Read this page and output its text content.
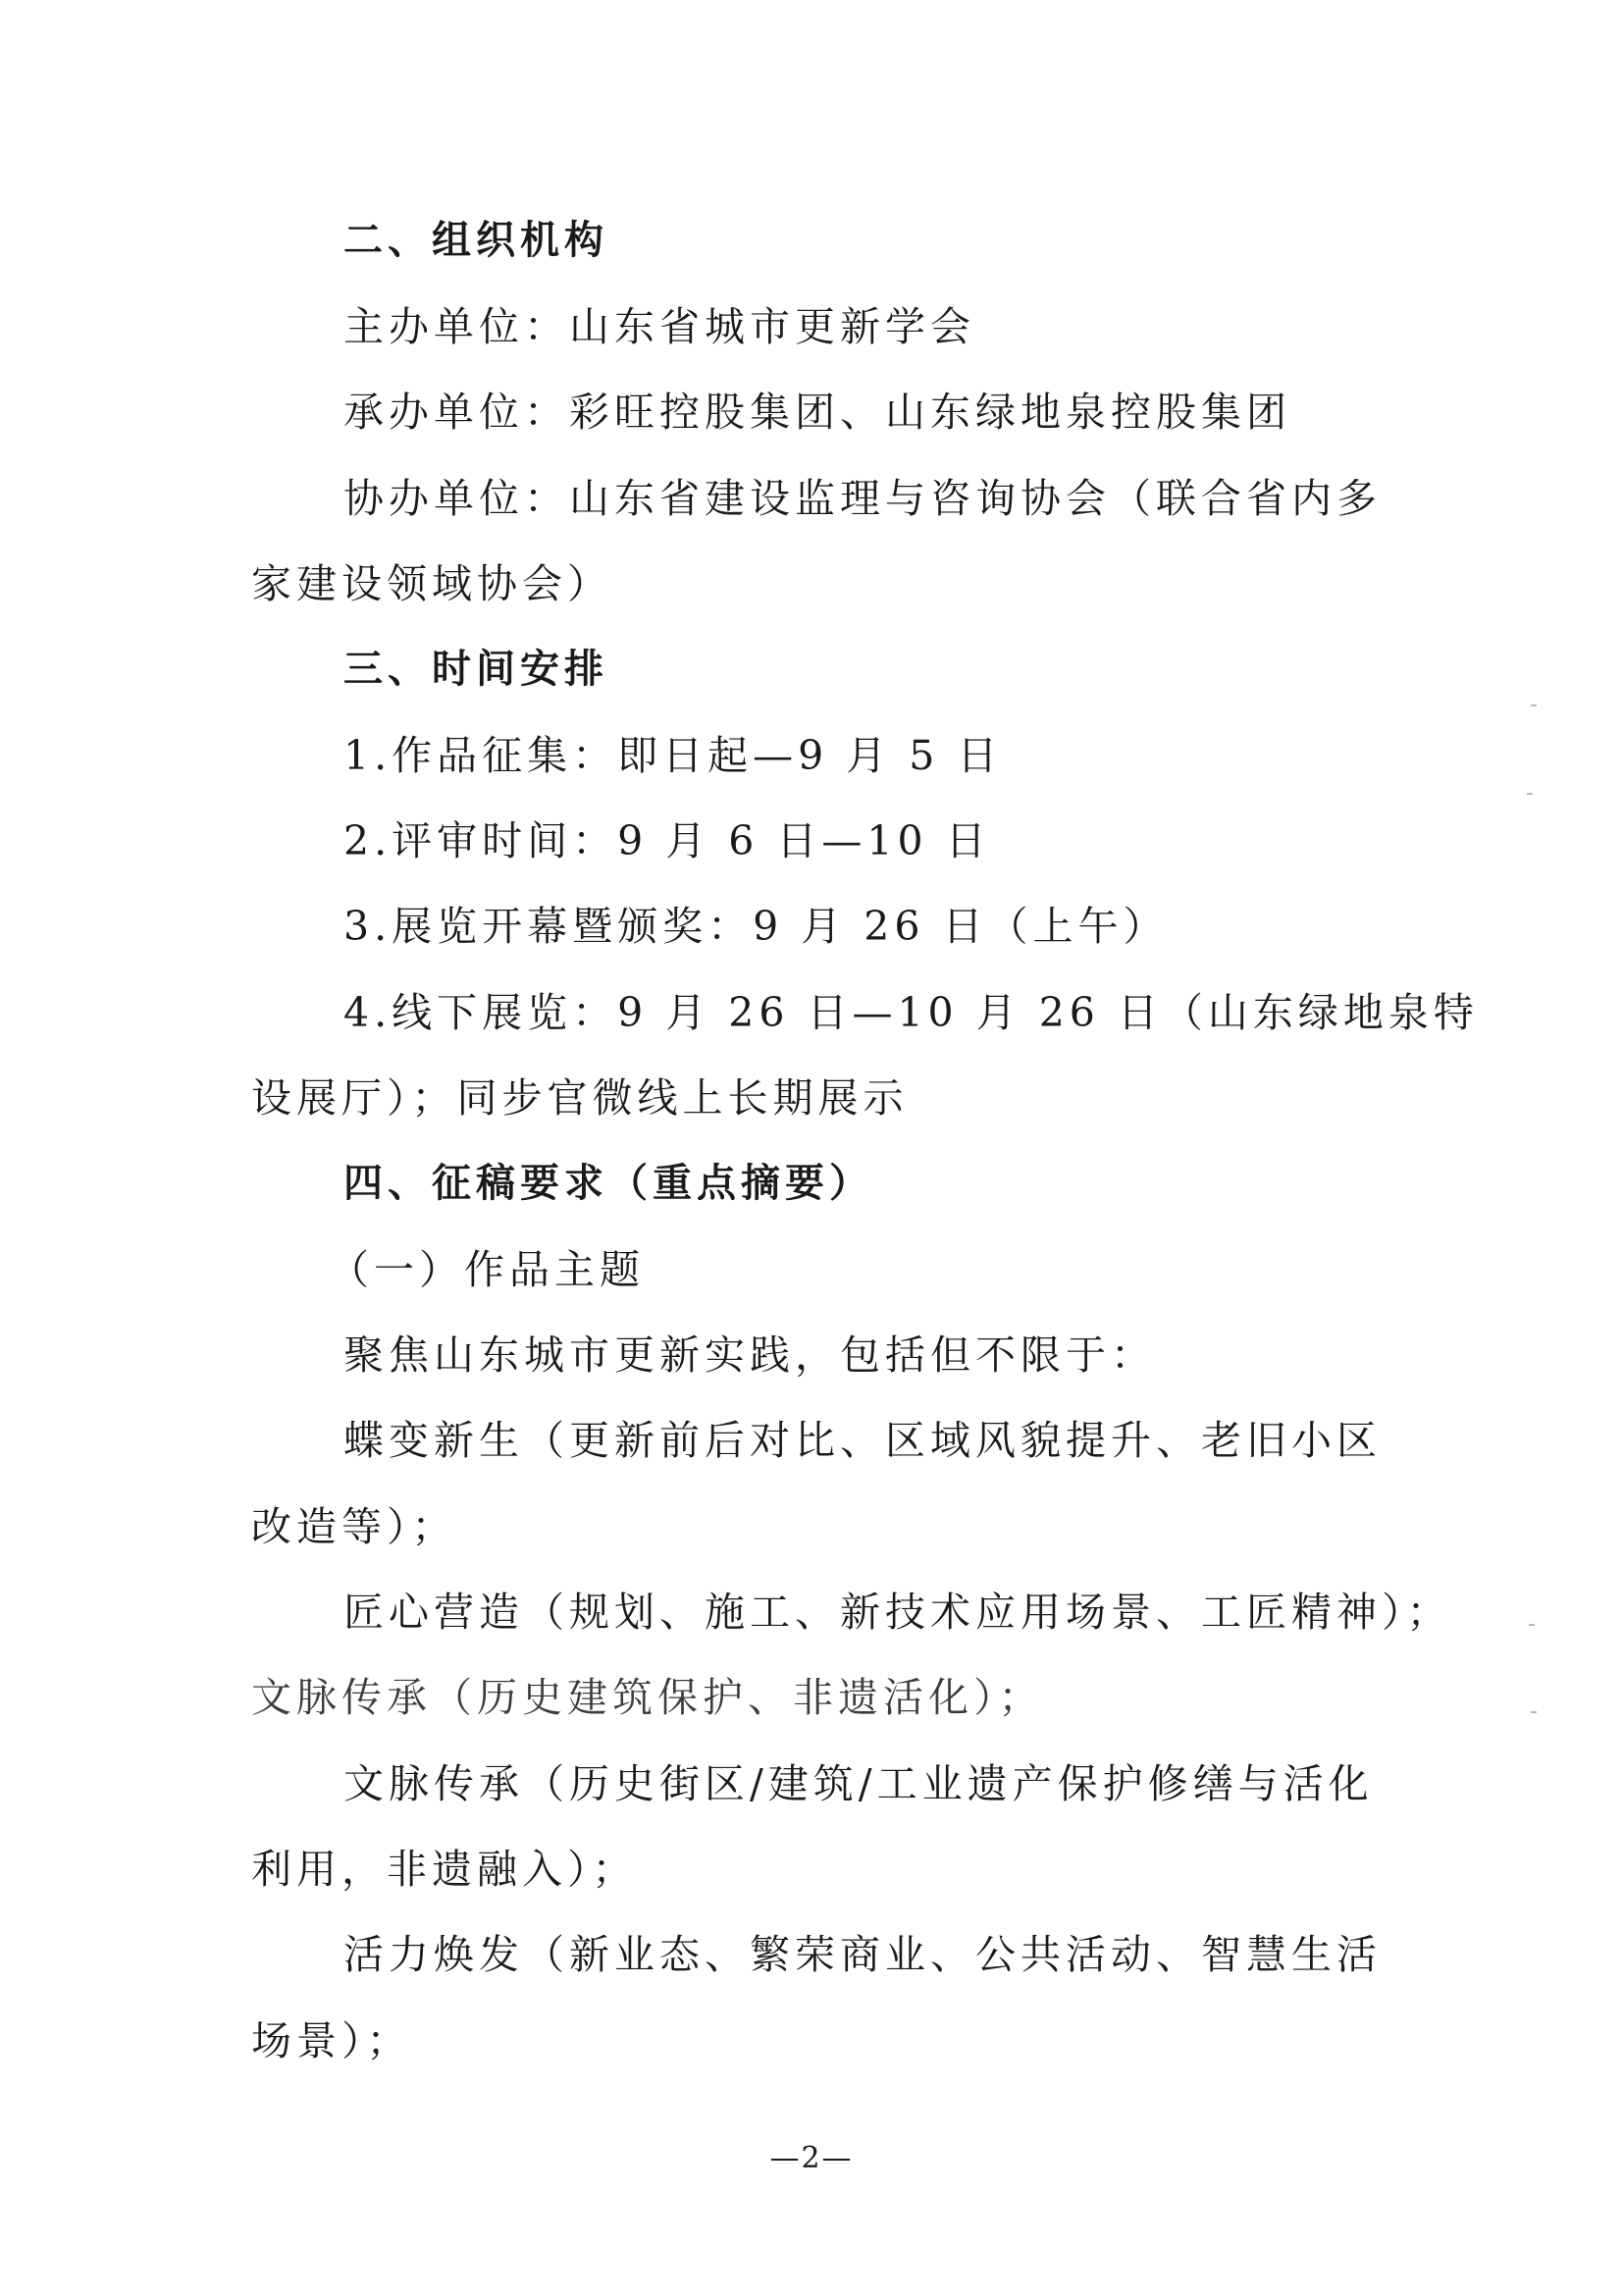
二、组织机构
主办单位：山东省城市更新学会
承办单位：彩旺控股集团、山东绿地泉控股集团
协办单位：山东省建设监理与咨询协会（联合省内多
家建设领域协会）
三、时间安排
1.作品征集：即日起—9 月 5 日
2.评审时间：9 月 6 日—10 日
3.展览开幕暨颁奖：9 月 26 日（上午）
4.线下展览：9 月 26 日—10 月 26 日（山东绿地泉特
设展厅）；同步官微线上长期展示
四、征稿要求（重点摘要）
（一）作品主题
聚焦山东城市更新实践，包括但不限于：
蝶变新生（更新前后对比、区域风貌提升、老旧小区
改造等）；
匠心营造（规划、施工、新技术应用场景、工匠精神）；
文脉传承（历史建筑保护、非遗活化）；
文脉传承（历史街区/建筑/工业遗产保护修缮与活化
利用，非遗融入）；
活力焕发（新业态、繁荣商业、公共活动、智慧生活
场景）；
—2—
